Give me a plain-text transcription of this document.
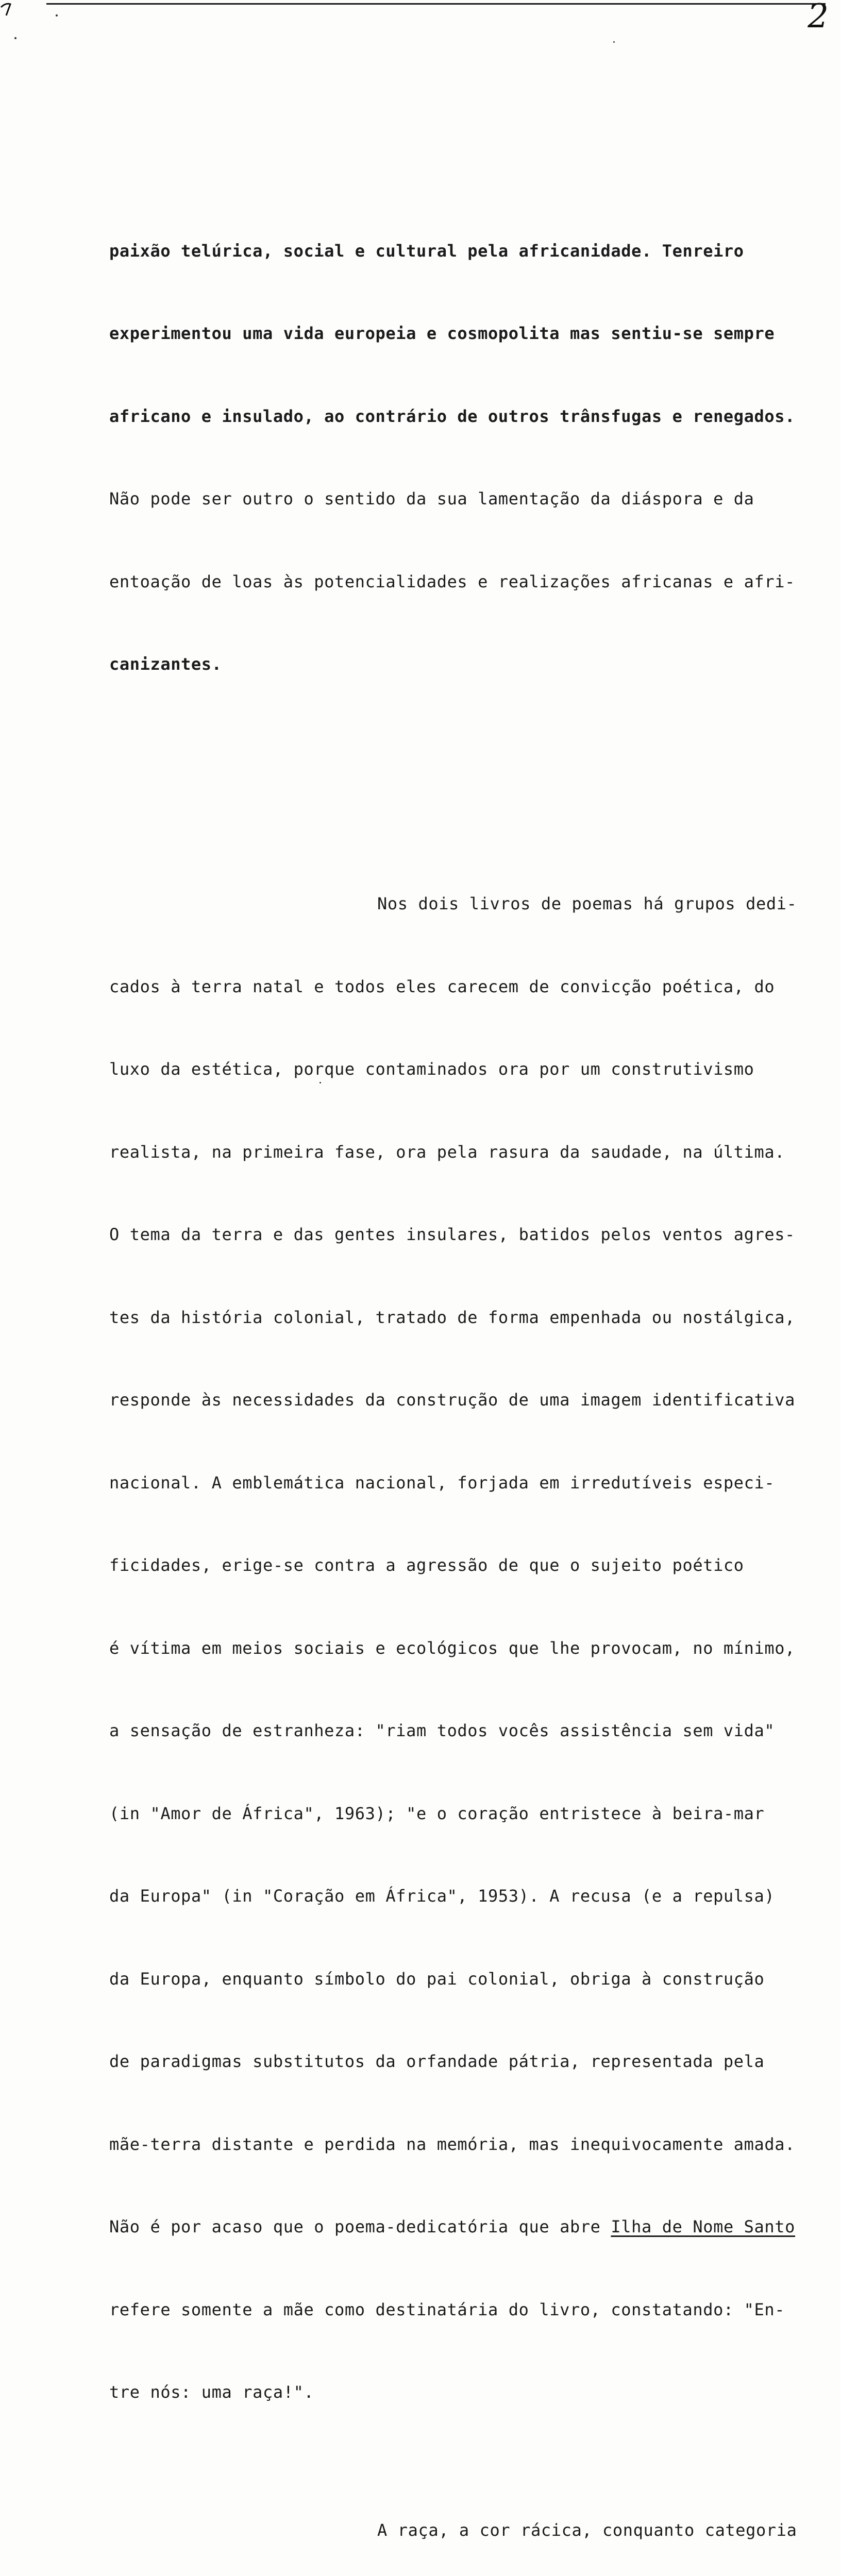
2

paixão telúrica, social e cultural pela africanidade. Tenreiro

experimentou uma vida europeia e cosmopolita mas sentiu-se sempre

africano e insulado, ao contrário de outros trânsfugas e renegados.

Não pode ser outro o sentido da sua lamentação da diáspora e da

entoação de loas às potencialidades e realizações africanas e afri-

canizantes.

Nos dois livros de poemas há grupos dedi-

cados à terra natal e todos eles carecem de convicção poética, do

luxo da estética, porque contaminados ora por um construtivismo

realista, na primeira fase, ora pela rasura da saudade, na última.

O tema da terra e das gentes insulares, batidos pelos ventos agres-

tes da história colonial, tratado de forma empenhada ou nostálgica,

responde às necessidades da construção de uma imagem identificativa

nacional. A emblemática nacional, forjada em irredutíveis especi-

ficidades, erige-se contra a agressão de que o sujeito poético

é vítima em meios sociais e ecológicos que lhe provocam, no mínimo,

a sensação de estranheza: "riam todos vocês assistência sem vida"

(in "Amor de África", 1963); "e o coração entristece à beira-mar

da Europa" (in "Coração em África", 1953). A recusa (e a repulsa)

da Europa, enquanto símbolo do pai colonial, obriga à construção

de paradigmas substitutos da orfandade pátria, representada pela

mãe-terra distante e perdida na memória, mas inequivocamente amada.

Não é por acaso que o poema-dedicatória que abre Ilha de Nome Santo

refere somente a mãe como destinatária do livro, constatando: "En-

tre nós: uma raça!".

A raça, a cor rácica, conquanto categoria
